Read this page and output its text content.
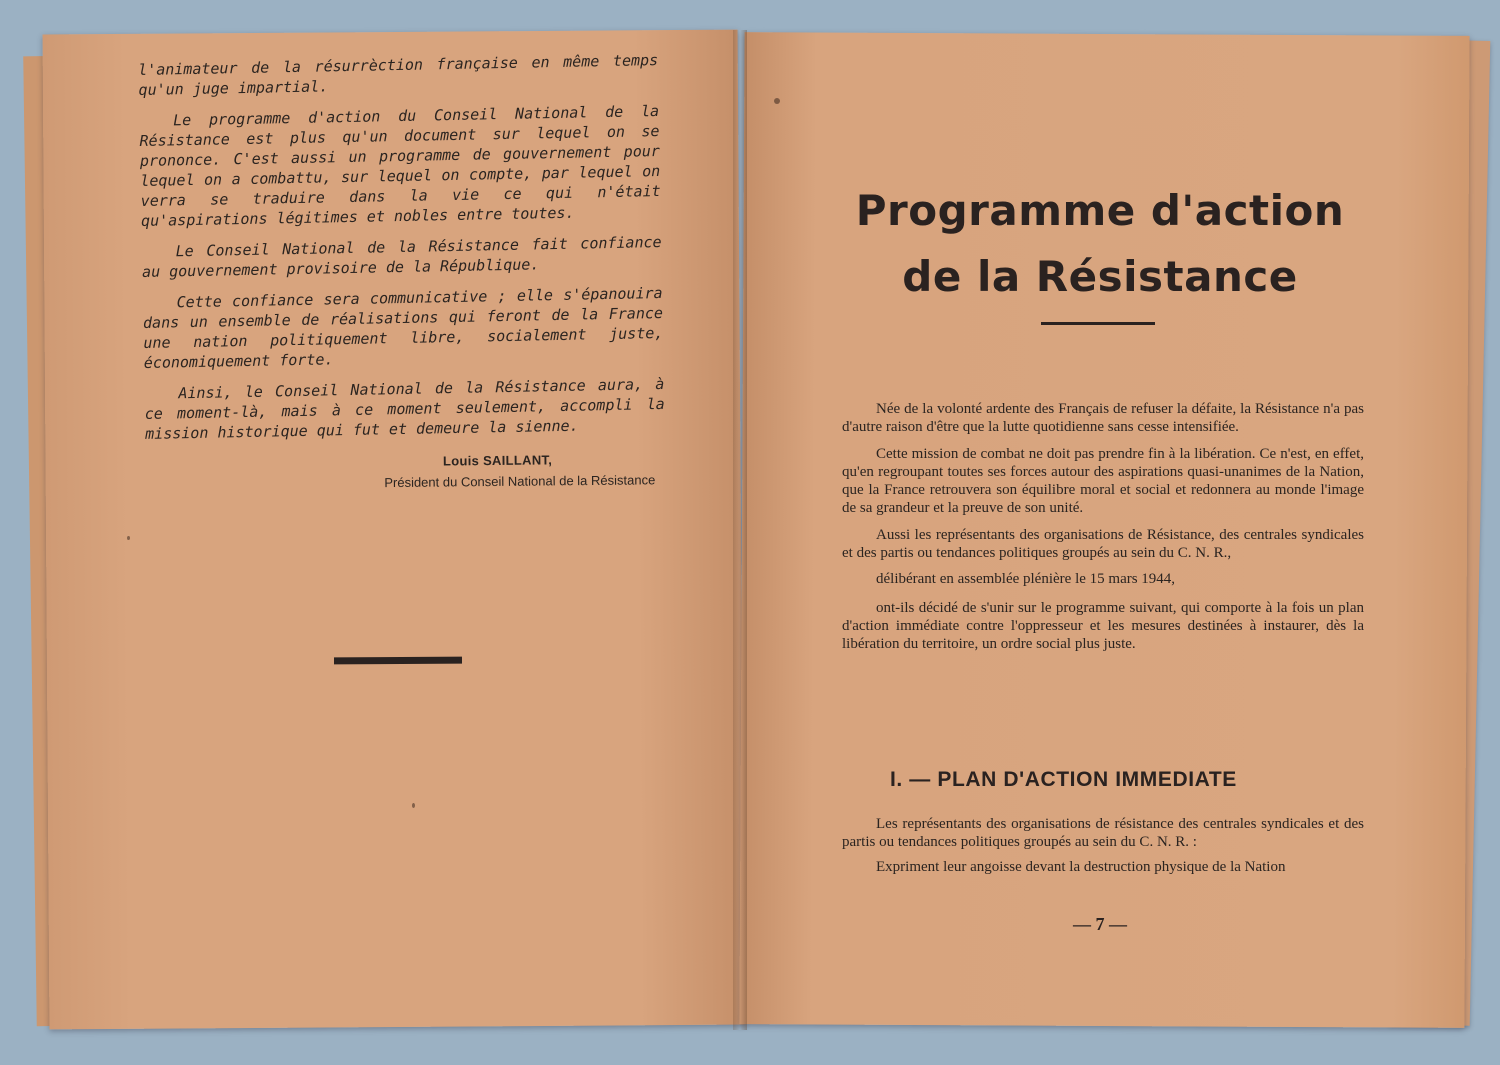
l'animateur de la résurrèction française en même temps qu'un juge impartial.

Le programme d'action du Conseil National de la Résistance est plus qu'un document sur lequel on se prononce. C'est aussi un programme de gouvernement pour lequel on a combattu, sur lequel on compte, par lequel on verra se traduire dans la vie ce qui n'était qu'aspirations légitimes et nobles entre toutes.

Le Conseil National de la Résistance fait confiance au gouvernement provisoire de la République.

Cette confiance sera communicative ; elle s'épanouira dans un ensemble de réalisations qui feront de la France une nation politiquement libre, socialement juste, économiquement forte.

Ainsi, le Conseil National de la Résistance aura, à ce moment-là, mais à ce moment seulement, accompli la mission historique qui fut et demeure la sienne.

Louis SAILLANT,
Président du Conseil National de la Résistance
Programme d'action
de la Résistance

Née de la volonté ardente des Français de refuser la défaite, la Résistance n'a pas d'autre raison d'être que la lutte quotidienne sans cesse intensifiée.

Cette mission de combat ne doit pas prendre fin à la libération. Ce n'est, en effet, qu'en regroupant toutes ses forces autour des aspirations quasi-unanimes de la Nation, que la France retrouvera son équilibre moral et social et redonnera au monde l'image de sa grandeur et la preuve de son unité.

Aussi les représentants des organisations de Résistance, des centrales syndicales et des partis ou tendances politiques groupés au sein du C. N. R.,

délibérant en assemblée plénière le 15 mars 1944,

ont-ils décidé de s'unir sur le programme suivant, qui comporte à la fois un plan d'action immédiate contre l'oppresseur et les mesures destinées à instaurer, dès la libération du territoire, un ordre social plus juste.

I. — PLAN D'ACTION IMMEDIATE

Les représentants des organisations de résistance des centrales syndicales et des partis ou tendances politiques groupés au sein du C. N. R. :

Expriment leur angoisse devant la destruction physique de la Nation

— 7 —
